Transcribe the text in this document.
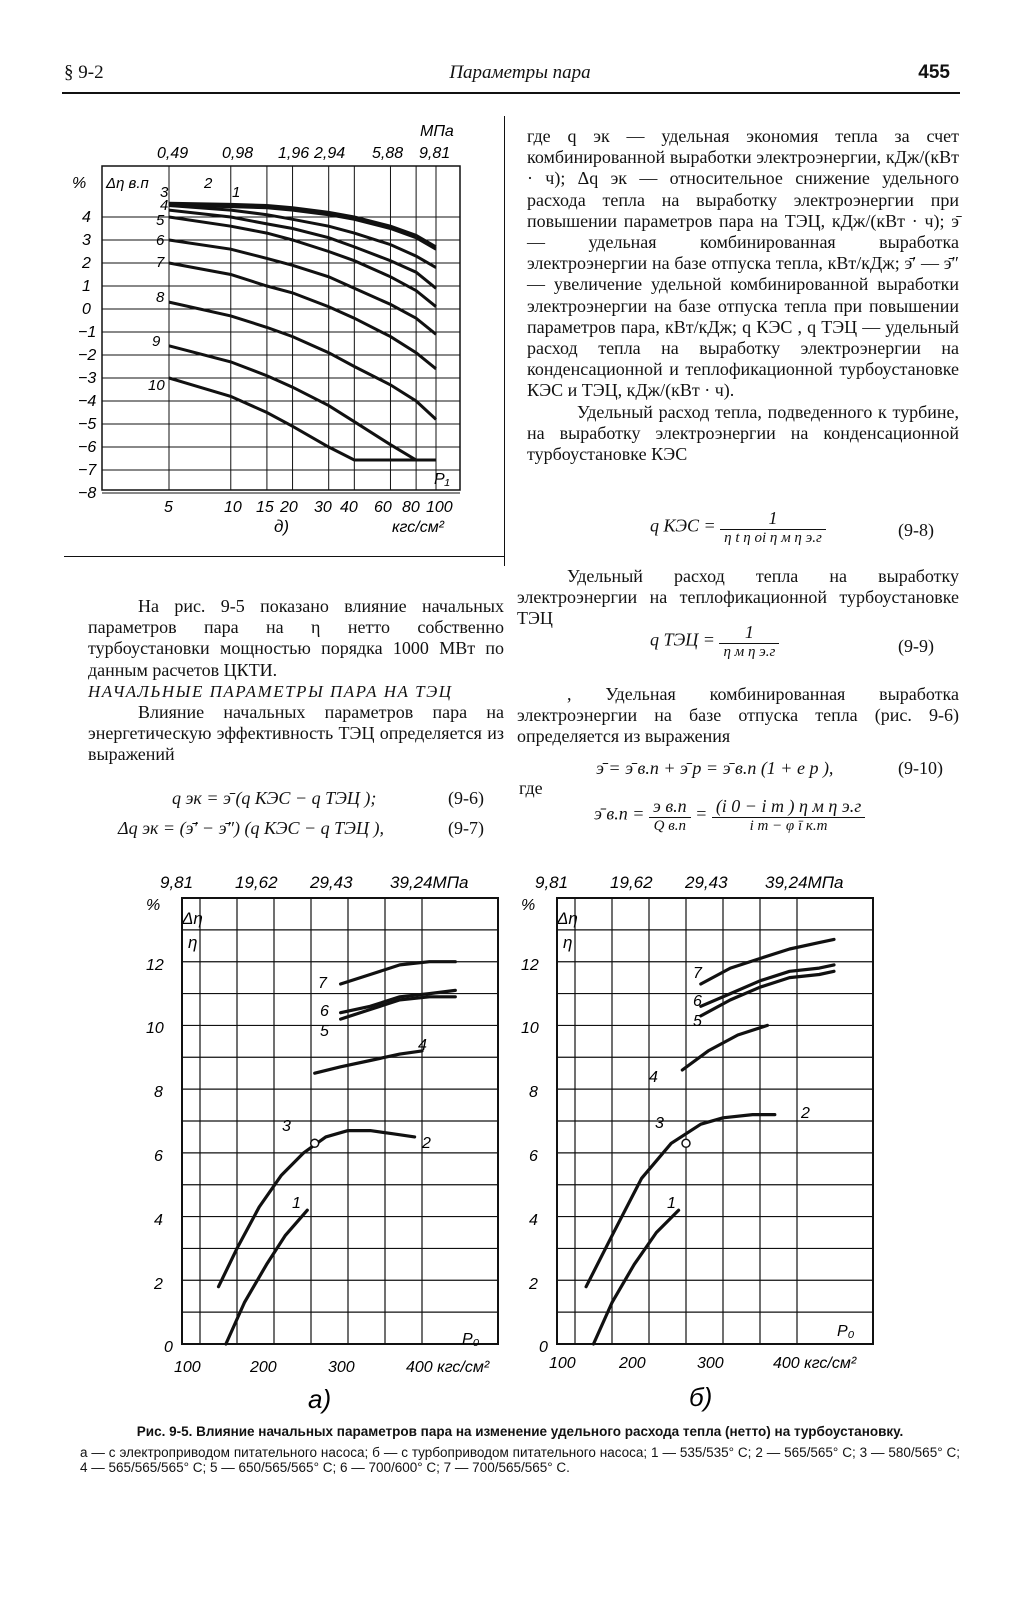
§ 9-2	Параметры пара	455
МПа
0,49 0,98 1,96 2,94 5,88 9,81
% Δη в.п
4
3
2
1
0
−1
−2
−3
−4
−5
−6
−7
−8
2
1
3
4
5
6
7
8
9
10
P₁
5	10 15 20 30 40 60 80 100
д)	кгс/см²

где q эк — удельная экономия тепла за счет комбинированной выработки электроэнергии, кДж/(кВт · ч); Δq эк — относительное снижение удельного расхода тепла на выработку электроэнергии при повышении параметров пара на ТЭЦ, кДж/(кВт · ч); э̄ — удельная комбинированная выработка электроэнергии на базе отпуска тепла, кВт/кДж; э̄′ — э̄″ — увеличение удельной комбинированной выработки электроэнергии на базе отпуска тепла при повышении параметров пара, кВт/кДж; q КЭС , q ТЭЦ — удельный расход тепла на выработку электроэнергии на конденсационной и теплофикационной турбоустановке КЭС и ТЭЦ, кДж/(кВт · ч).

Удельный расход тепла, подведенного к турбине, на выработку электроэнергии на конденсационной турбоустановке КЭС

q КЭС = $\frac{1}{\text{η t η oi η м η э.г}}$	(9-8)

Удельный расход тепла на выработку электроэнергии на теплофикационной турбоустановке ТЭЦ

q ТЭЦ = $\frac{1}{\text{η м η э.г}}$	(9-9)

, Удельная комбинированная выработка электроэнергии на базе отпуска тепла (рис. 9-6) определяется из выражения

э̄ = э̄ в.п + э̄ р = э̄ в.п (1 + e р ),	(9-10)
где
э̄ $в.п = \frac{\text{э в.п}}{\text{Q в.п}} = \frac{\text{(i 0 − i т ) η м η э.г}}{\text{i т − φ ī к.т}}$

На рис. 9-5 показано влияние начальных параметров пара на η нетто собственно турбоустановки мощностью порядка 1000 МВт по данным расчетов ЦКТИ.

НАЧАЛЬНЫЕ ПАРАМЕТРЫ ПАРА НА ТЭЦ

Влияние начальных параметров пара на энергетическую эффективность ТЭЦ определяется из выражений

q эк = э̄ (q КЭС − q ТЭЦ );	(9-6)
Δq эк = (э̄′ − э̄″) (q КЭС − q ТЭЦ ),	(9-7)
9,81 19,62 29,43 39,24МПа
%
Δη
η
12
10
8
6
4
2
0
7
6
5
4
3
2
1
P₀
100	200	300	400 кгс/см²
а)
9,81 19,62 29,43 39,24МПа
%
Δη
η
12
10
8
6
4
2
0
7
6
5
4
3
2
1
P₀
100	200	300	400 кгс/см²
б)
Рис. 9-5. Влияние начальных параметров пара на изменение удельного расхода тепла (нетто) на турбоустановку.
а — с электроприводом питательного насоса; б — с турбоприводом питательного насоса; 1 — 535/535° С; 2 — 565/565° С; 3 — 580/565° С; 4 — 565/565/565° С; 5 — 650/565/565° С; 6 — 700/600° С; 7 — 700/565/565° С.
